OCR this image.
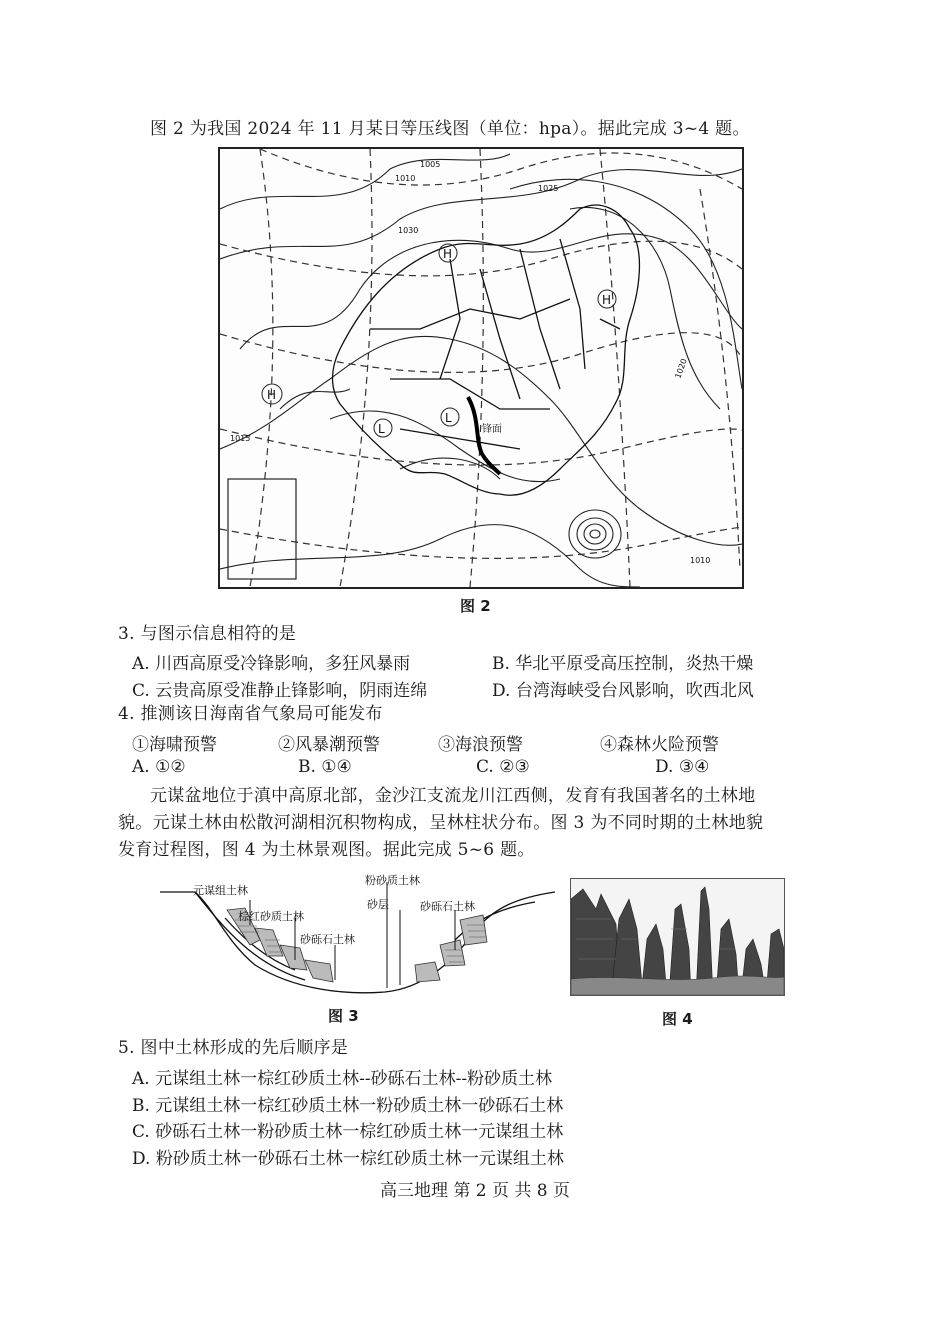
图 2 为我国 2024 年 11 月某日等压线图（单位：hpa）。据此完成 3~4 题。
H
H
H
L
L
1005
1010
1025
1030
1020
1015
1010
锋面
图 2
3. 与图示信息相符的是
A. 川西高原受冷锋影响，多狂风暴雨	B. 华北平原受高压控制，炎热干燥
C. 云贵高原受准静止锋影响，阴雨连绵	D. 台湾海峡受台风影响，吹西北风
4. 推测该日海南省气象局可能发布
①海啸预警	②风暴潮预警	③海浪预警	④森林火险预警
A. ①②	B. ①④	C. ②③	D. ③④
元谋盆地位于滇中高原北部，金沙江支流龙川江西侧，发育有我国著名的土林地
貌。元谋土林由松散河湖相沉积物构成，呈林柱状分布。图 3 为不同时期的土林地貌
发育过程图，图 4 为土林景观图。据此完成 5~6 题。
元谋组土林
棕红砂质土林
砂砾石土林
粉砂质土林
砂层	砂砾石土林
图 3	图 4
5. 图中土林形成的先后顺序是
A. 元谋组土林一棕红砂质土林--砂砾石土林--粉砂质土林
B. 元谋组土林一棕红砂质土林一粉砂质土林一砂砾石土林
C. 砂砾石土林一粉砂质土林一棕红砂质土林一元谋组土林
D. 粉砂质土林一砂砾石土林一棕红砂质土林一元谋组土林
高三地理 第 2 页 共 8 页
